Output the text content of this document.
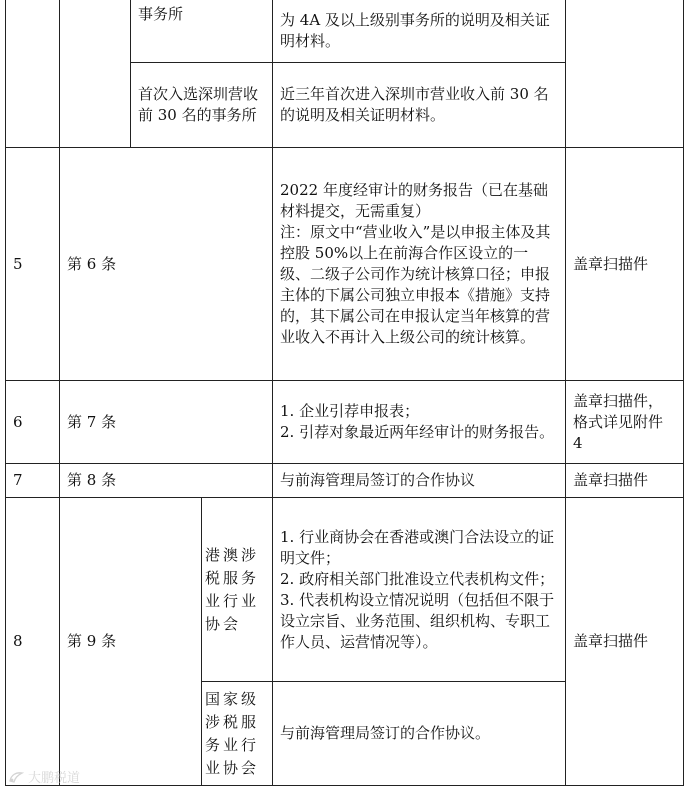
		事务所		为 4A 及以上级别事务所的说明及相关证明材料。	

		首次入选深圳营收前 30 名的事务所		近三年首次进入深圳市营业收入前 30 名的说明及相关证明材料。	

5	第 6 条			2022 年度经审计的财务报告（已在基础材料提交，无需重复）
注：原文中“营业收入”是以申报主体及其控股 50%以上在前海合作区设立的一级、二级子公司作为统计核算口径；申报主体的下属公司独立申报本《措施》支持的，其下属公司在申报认定当年核算的营业收入不再计入上级公司的统计核算。	盖章扫描件
6	第 7 条			1. 企业引荐申报表；
2. 引荐对象最近两年经审计的财务报告。	盖章扫描件，格式详见附件 4
7	第 8 条			与前海管理局签订的合作协议	盖章扫描件
8	第 9 条		港澳涉税服务业行业协会	1. 行业商协会在香港或澳门合法设立的证明文件；
2. 政府相关部门批准设立代表机构文件；
3. 代表机构设立情况说明（包括但不限于设立宗旨、业务范围、组织机构、专职工作人员、运营情况等）。	盖章扫描件

			国家级涉税服务业行业协会	与前海管理局签订的合作协议。	
大鹏税道
